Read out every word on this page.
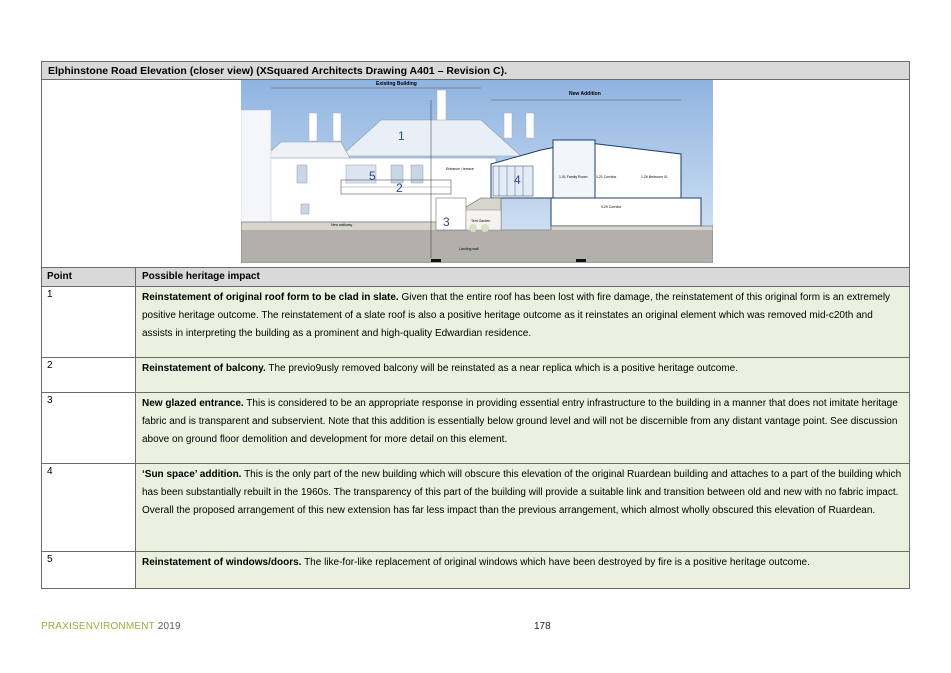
Elphinstone Road Elevation (closer view) (XSquared Architects Drawing A401 – Revision C).
Existing Building
New Addition
1
2
3
4
5	1.01 Family Room 1.21 Corridor	1.26 Bedroom 01
0.29 Corridor
Tent Garden
New walkway
Entrance / terrace
Landing wall
Point	Possible heritage impact
1	Reinstatement of original roof form to be clad in slate. Given that the entire roof has been lost with fire damage, the reinstatement of this original form is an extremely positive heritage outcome. The reinstatement of a slate roof is also a positive heritage outcome as it reinstates an original element which was removed mid-c20th and assists in interpreting the building as a prominent and high-quality Edwardian residence.
2	Reinstatement of balcony. The previo9usly removed balcony will be reinstated as a near replica which is a positive heritage outcome.
3	New glazed entrance. This is considered to be an appropriate response in providing essential entry infrastructure to the building in a manner that does not imitate heritage fabric and is transparent and subservient. Note that this addition is essentially below ground level and will not be discernible from any distant vantage point. See discussion above on ground floor demolition and development for more detail on this element.
4	‘Sun space’ addition. This is the only part of the new building which will obscure this elevation of the original Ruardean building and attaches to a part of the building which has been substantially rebuilt in the 1960s. The transparency of this part of the building will provide a suitable link and transition between old and new with no fabric impact. Overall the proposed arrangement of this new extension has far less impact than the previous arrangement, which almost wholly obscured this elevation of Ruardean.
5	Reinstatement of windows/doors. The like-for-like replacement of original windows which have been destroyed by fire is a positive heritage outcome.
PRAXISENVIRONMENT 2019	178
